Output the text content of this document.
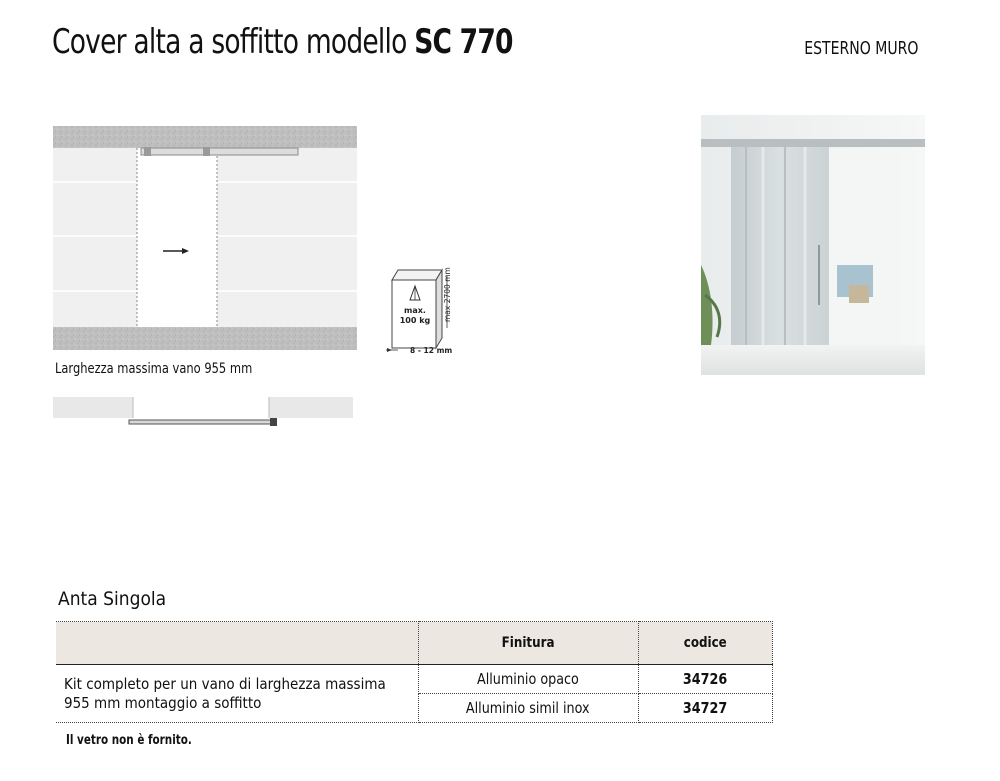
Cover alta a soffitto modello SC 770	ESTERNO MURO
Larghezza massima vano 955 mm
max.
100 kg max 2700 mm
8 - 12 mm
Anta Singola
	Finitura	codice

Kit completo per un vano di larghezza massima 955 mm montaggio a soffitto	Alluminio opaco	34726
	Alluminio simil inox	34727
Il vetro non è fornito.
